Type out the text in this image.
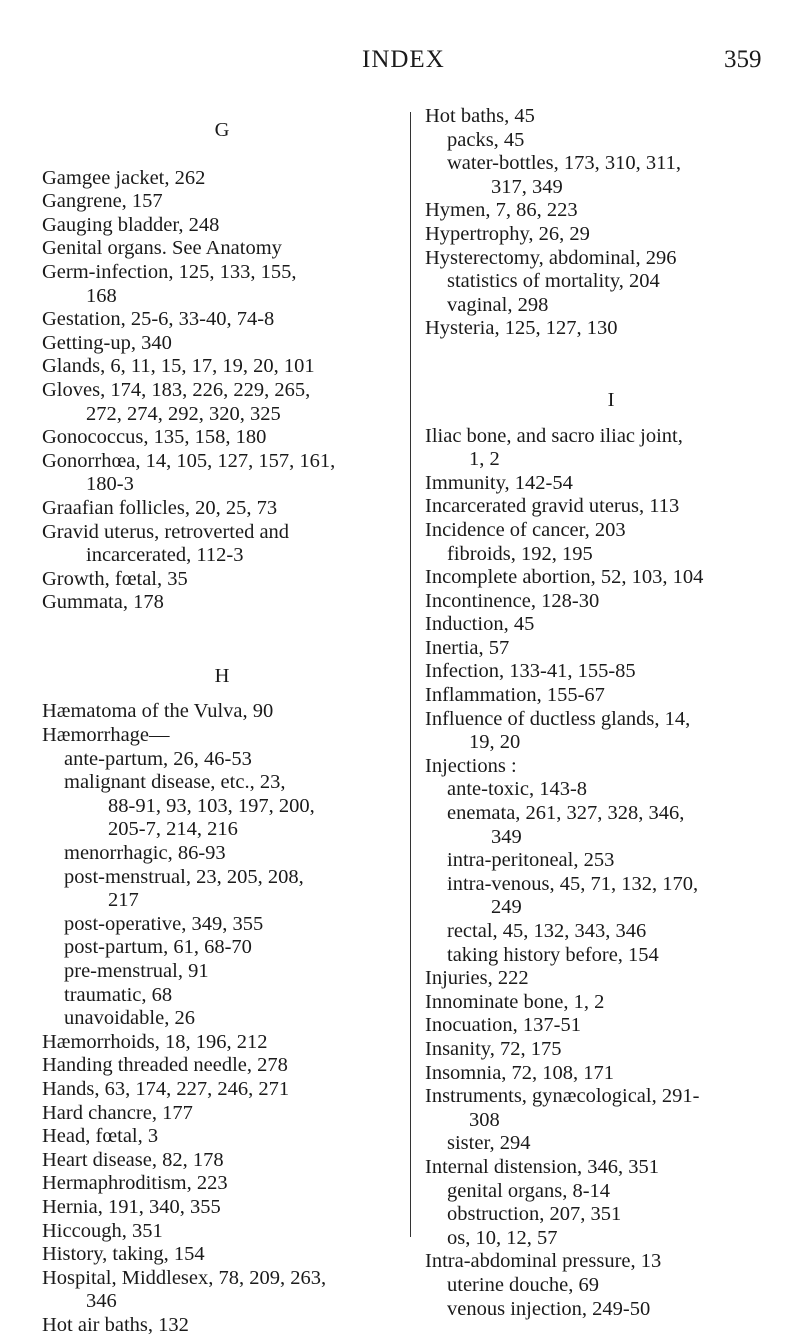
INDEX	359
G
Gamgee jacket, 262
Gangrene, 157
Gauging bladder, 248
Genital organs. See Anatomy
Germ-infection, 125, 133, 155,
168
Gestation, 25-6, 33-40, 74-8
Getting-up, 340
Glands, 6, 11, 15, 17, 19, 20, 101
Gloves, 174, 183, 226, 229, 265,
272, 274, 292, 320, 325
Gonococcus, 135, 158, 180
Gonorrhœa, 14, 105, 127, 157, 161,
180-3
Graafian follicles, 20, 25, 73
Gravid uterus, retroverted and
incarcerated, 112-3
Growth, fœtal, 35
Gummata, 178
H
Hæmatoma of the Vulva, 90
Hæmorrhage—
ante-partum, 26, 46-53
malignant disease, etc., 23,
88-91, 93, 103, 197, 200,
205-7, 214, 216
menorrhagic, 86-93
post-menstrual, 23, 205, 208,
217
post-operative, 349, 355
post-partum, 61, 68-70
pre-menstrual, 91
traumatic, 68
unavoidable, 26
Hæmorrhoids, 18, 196, 212
Handing threaded needle, 278
Hands, 63, 174, 227, 246, 271
Hard chancre, 177
Head, fœtal, 3
Heart disease, 82, 178
Hermaphroditism, 223
Hernia, 191, 340, 355
Hiccough, 351
History, taking, 154
Hospital, Middlesex, 78, 209, 263,
346
Hot air baths, 132
Hot baths, 45
packs, 45
water-bottles, 173, 310, 311,
317, 349
Hymen, 7, 86, 223
Hypertrophy, 26, 29
Hysterectomy, abdominal, 296
statistics of mortality, 204
vaginal, 298
Hysteria, 125, 127, 130
I
Iliac bone, and sacro iliac joint,
1, 2
Immunity, 142-54
Incarcerated gravid uterus, 113
Incidence of cancer, 203
fibroids, 192, 195
Incomplete abortion, 52, 103, 104
Incontinence, 128-30
Induction, 45
Inertia, 57
Infection, 133-41, 155-85
Inflammation, 155-67
Influence of ductless glands, 14,
19, 20
Injections :
ante-toxic, 143-8
enemata, 261, 327, 328, 346,
349
intra-peritoneal, 253
intra-venous, 45, 71, 132, 170,
249
rectal, 45, 132, 343, 346
taking history before, 154
Injuries, 222
Innominate bone, 1, 2
Inocuation, 137-51
Insanity, 72, 175
Insomnia, 72, 108, 171
Instruments, gynæcological, 291-
308
sister, 294
Internal distension, 346, 351
genital organs, 8-14
obstruction, 207, 351
os, 10, 12, 57
Intra-abdominal pressure, 13
uterine douche, 69
venous injection, 249-50
